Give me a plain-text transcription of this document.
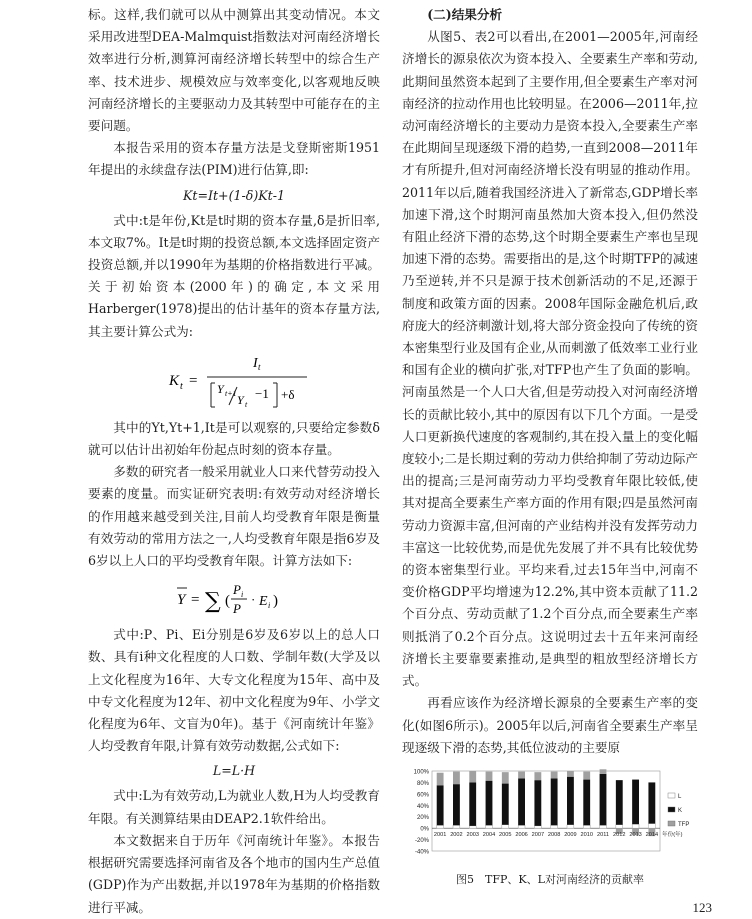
标。这样,我们就可以从中测算出其变动情况。本文采用改进型DEA-Malmquist指数法对河南经济增长效率进行分析,测算河南经济增长转型中的综合生产率、技术进步、规模效应与效率变化,以客观地反映河南经济增长的主要驱动力及其转型中可能存在的主要问题。

本报告采用的资本存量方法是戈登斯密斯1951年提出的永续盘存法(PIM)进行估算,即:

Kt=It+(1-δ)Kt-1

式中:t是年份,Kt是t时期的资本存量,δ是折旧率,本文取7%。It是t时期的投资总额,本文选择固定资产投资总额,并以1990年为基期的价格指数进行平减。关于初始资本(2000年)的确定,本文采用Harberger(1978)提出的估计基年的资本存量方法,其主要计算公式为:

K t =
I t
Y t+1 Y t
−1 +δ

其中的Yt,Yt+1,It是可以观察的,只要给定参数δ就可以估计出初始年份起点时刻的资本存量。

多数的研究者一般采用就业人口来代替劳动投入要素的度量。而实证研究表明:有效劳动对经济增长的作用越来越受到关注,目前人均受教育年限是衡量有效劳动的常用方法之一,人均受教育年限是指6岁及6岁以上人口的平均受教育年限。计算方法如下:

Y = ∑ (
P i
P
· E i )

式中:P、Pi、Ei分别是6岁及6岁以上的总人口数、具有i种文化程度的人口数、学制年数(大学及以上文化程度为16年、大专文化程度为15年、高中及中专文化程度为12年、初中文化程度为9年、小学文化程度为6年、文盲为0年)。基于《河南统计年鉴》人均受教育年限,计算有效劳动数据,公式如下:

L=L·H

式中:L为有效劳动,L为就业人数,H为人均受教育年限。有关测算结果由DEAP2.1软件给出。

本文数据来自于历年《河南统计年鉴》。本报告根据研究需要选择河南省及各个地市的国内生产总值(GDP)作为产出数据,并以1978年为基期的价格指数进行平减。

(二)结果分析

从图5、表2可以看出,在2001—2005年,河南经济增长的源泉依次为资本投入、全要素生产率和劳动,此期间虽然资本起到了主要作用,但全要素生产率对河南经济的拉动作用也比较明显。在2006—2011年,拉动河南经济增长的主要动力是资本投入,全要素生产率在此期间呈现逐级下滑的趋势,一直到2008—2011年才有所提升,但对河南经济增长没有明显的推动作用。2011年以后,随着我国经济进入了新常态,GDP增长率加速下滑,这个时期河南虽然加大资本投入,但仍然没有阻止经济下滑的态势,这个时期全要素生产率也呈现加速下滑的态势。需要指出的是,这个时期TFP的减速乃至逆转,并不只是源于技术创新活动的不足,还源于制度和政策方面的因素。2008年国际金融危机后,政府庞大的经济刺激计划,将大部分资金投向了传统的资本密集型行业及国有企业,从而刺激了低效率工业行业和国有企业的横向扩张,对TFP也产生了负面的影响。河南虽然是一个人口大省,但是劳动投入对河南经济增长的贡献比较小,其中的原因有以下几个方面。一是受人口更新换代速度的客观制约,其在投入量上的变化幅度较小;二是长期过剩的劳动力供给抑制了劳动边际产出的提高;三是河南劳动力平均受教育年限比较低,使其对提高全要素生产率方面的作用有限;四是虽然河南劳动力资源丰富,但河南的产业结构并没有发挥劳动力丰富这一比较优势,而是优先发展了并不具有比较优势的资本密集型行业。平均来看,过去15年当中,河南不变价格GDP平均增速为12.2%,其中资本贡献了11.2个百分点、劳动贡献了1.2个百分点,而全要素生产率则抵消了0.2个百分点。这说明过去十五年来河南经济增长主要靠要素推动,是典型的粗放型经济增长方式。

再看应该作为经济增长源泉的全要素生产率的变化(如图6所示)。2005年以后,河南省全要素生产率呈现逐级下滑的态势,其低位波动的主要原

100%
80%
60%
40%
20%
0%
-20%
-40%
2001 2002 2003 2004 2005 2006 2007 2008 2009 2010 2011 2012 2013 2014 年份(年)
L
K
TFP
图5　TFP、K、L对河南经济的贡献率
123
